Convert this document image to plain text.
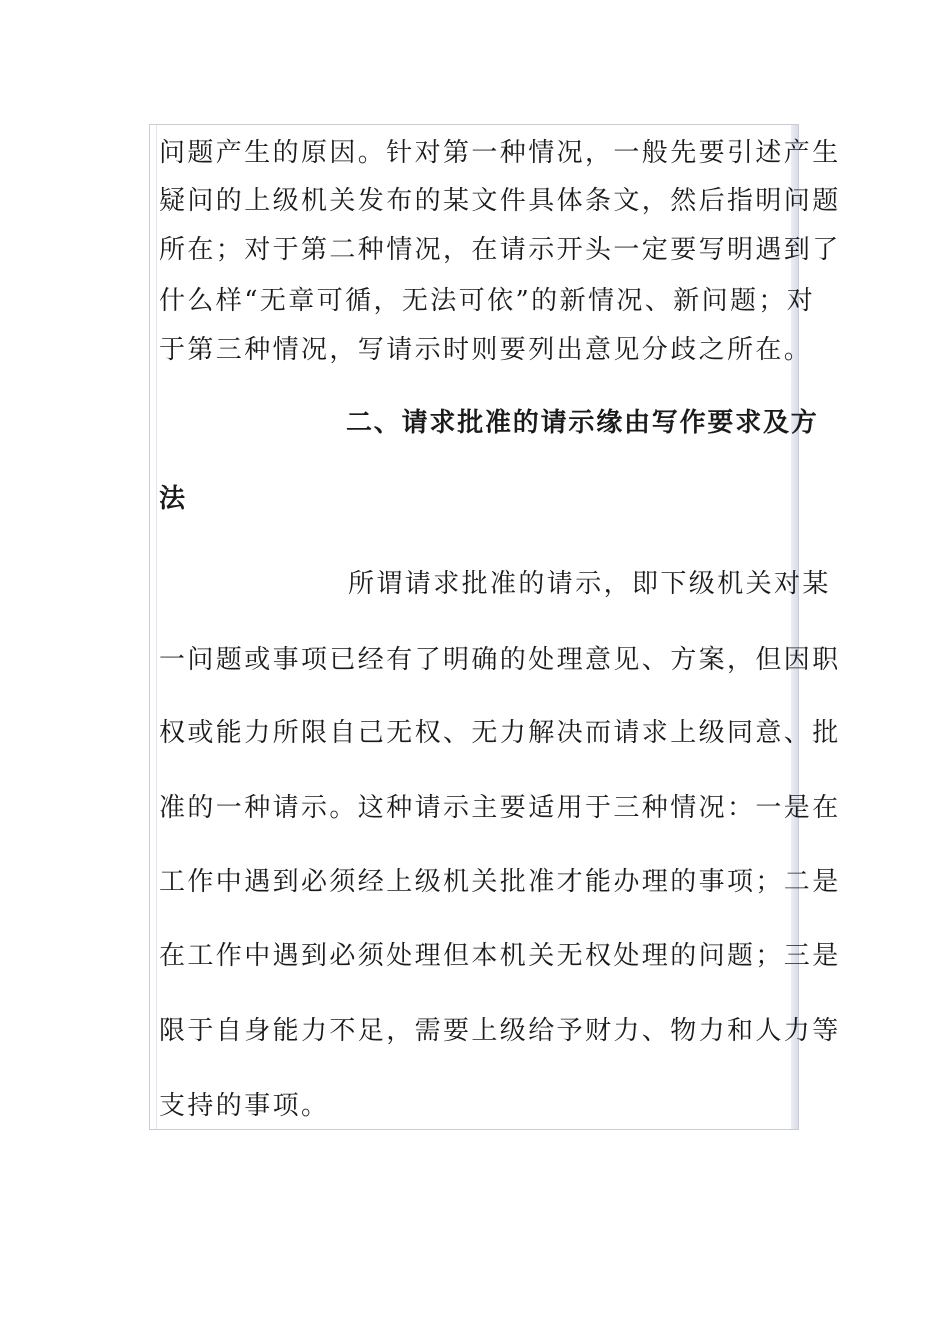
问题产生的原因。针对第一种情况，一般先要引述产生
疑问的上级机关发布的某文件具体条文，然后指明问题
所在；对于第二种情况，在请示开头一定要写明遇到了
什么样“无章可循，无法可依”的新情况、新问题；对
于第三种情况，写请示时则要列出意见分歧之所在。
二、请求批准的请示缘由写作要求及方
法
所谓请求批准的请示，即下级机关对某
一问题或事项已经有了明确的处理意见、方案，但因职
权或能力所限自己无权、无力解决而请求上级同意、批
准的一种请示。这种请示主要适用于三种情况：一是在
工作中遇到必须经上级机关批准才能办理的事项；二是
在工作中遇到必须处理但本机关无权处理的问题；三是
限于自身能力不足，需要上级给予财力、物力和人力等
支持的事项。
